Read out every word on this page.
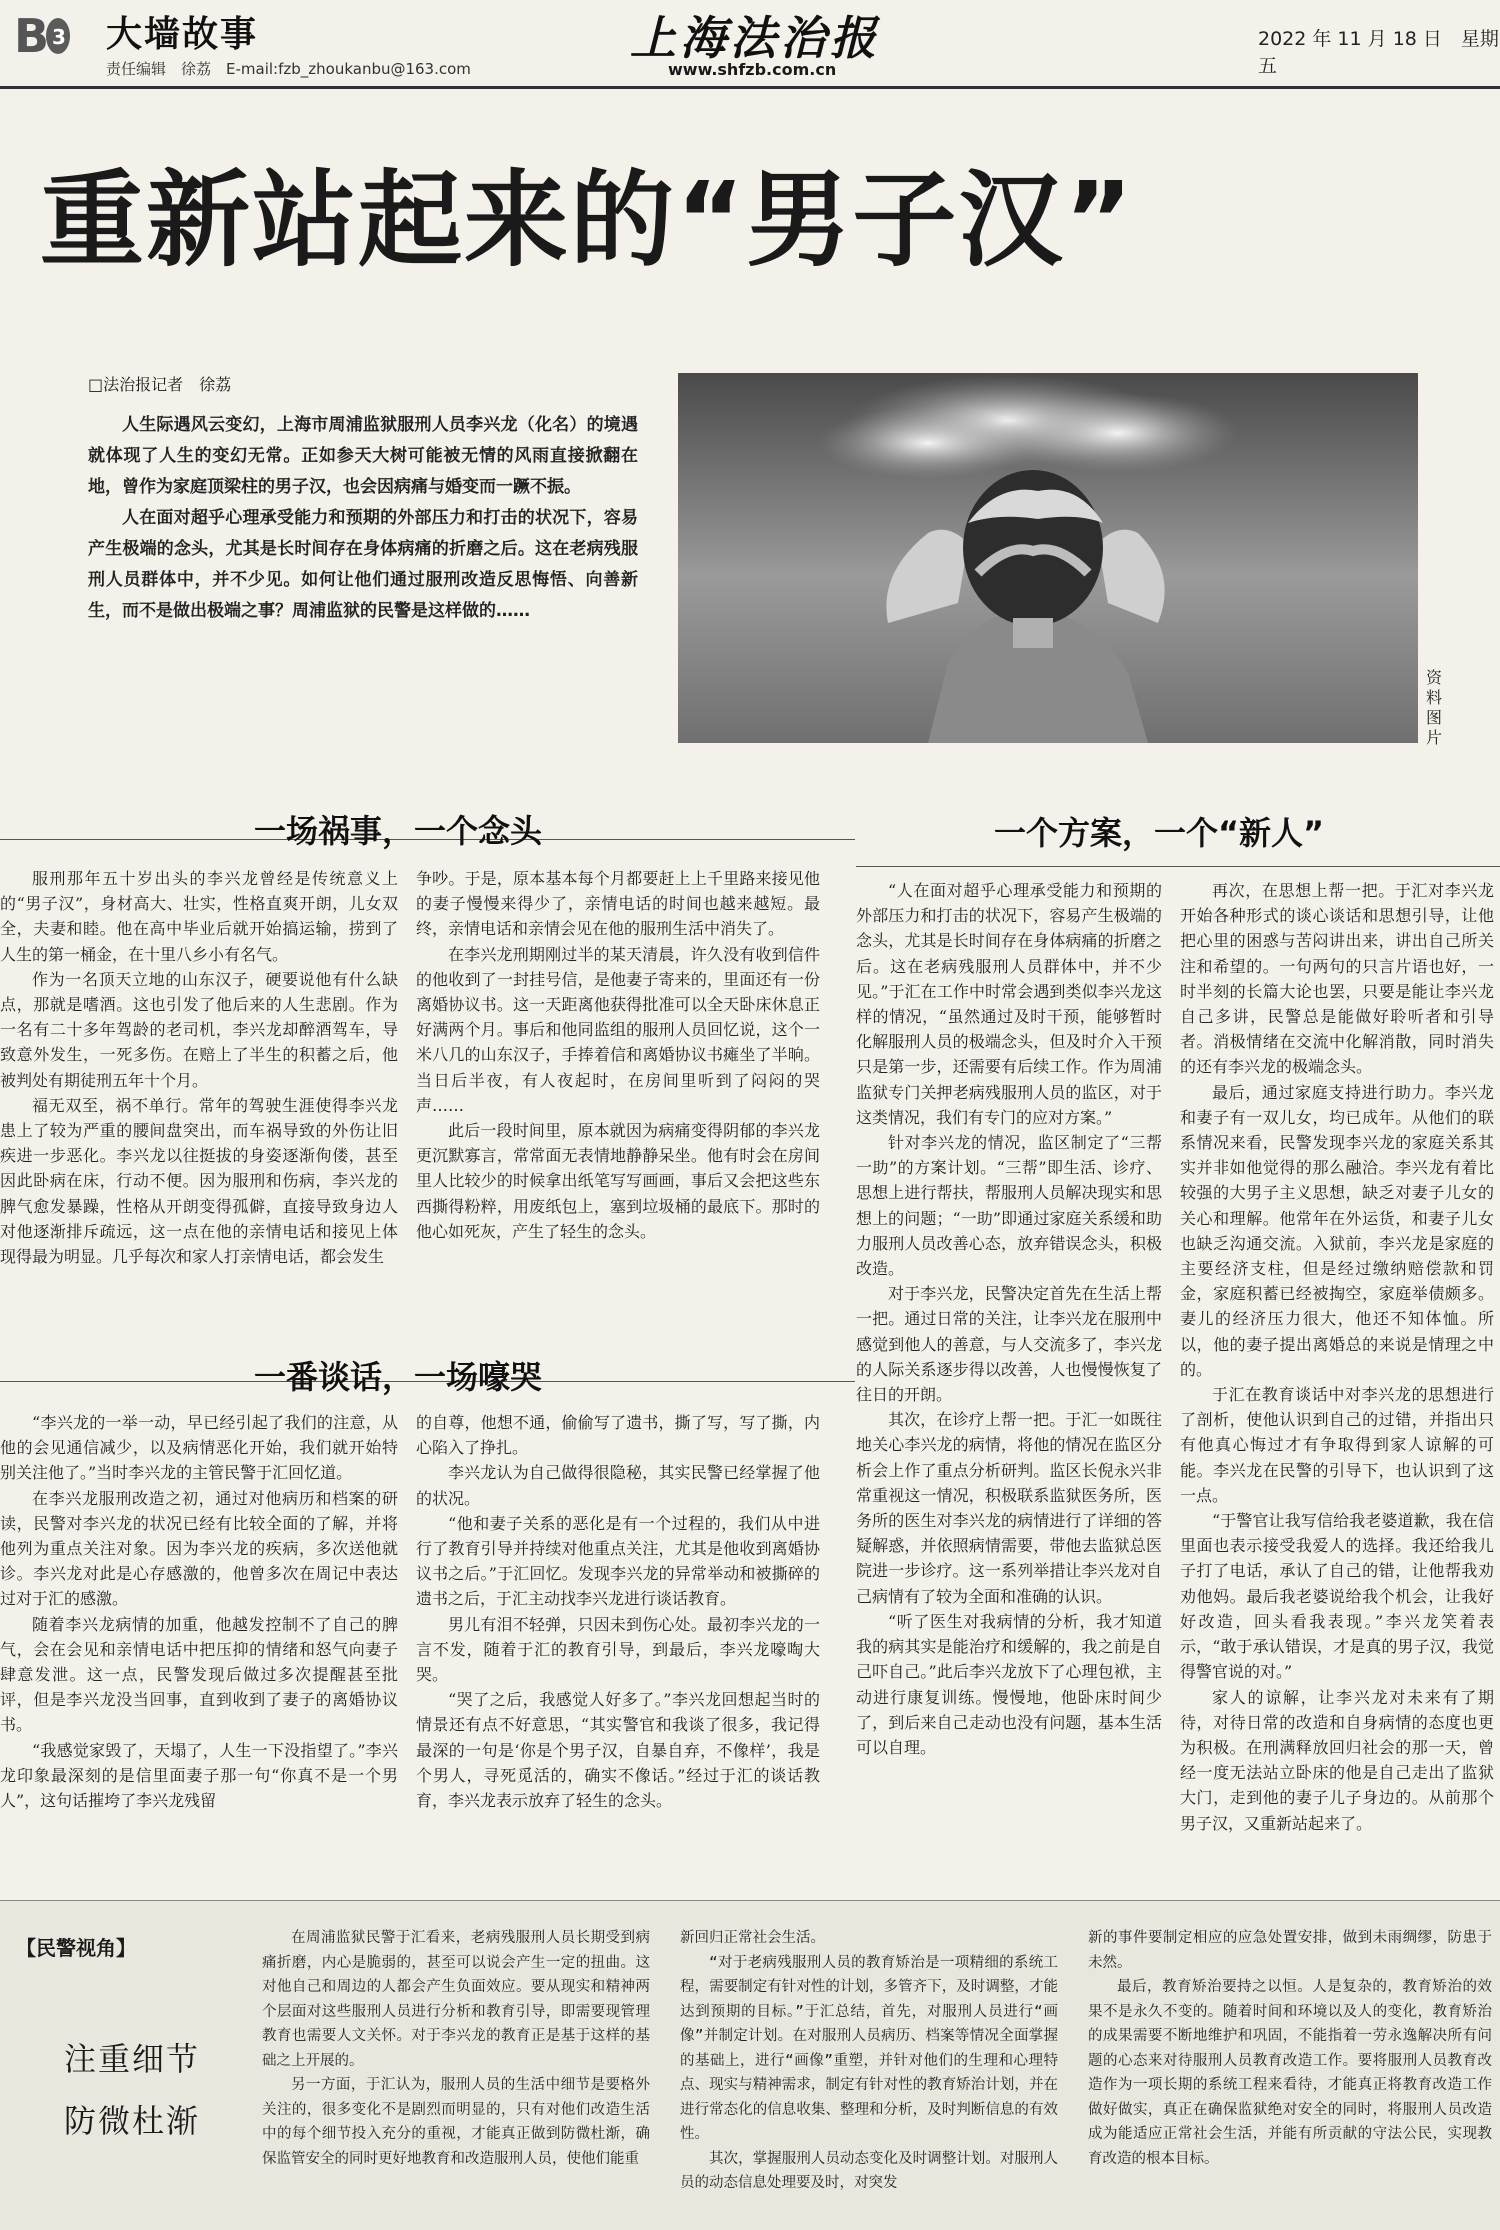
B 3 大墙故事
责任编辑　徐荔　E-mail:fzb_zhoukanbu@163.com
上海法治报
www.shfzb.com.cn
2022 年 11 月 18 日　星期五
重新站起来的“男子汉”
□法治报记者　徐荔

人生际遇风云变幻，上海市周浦监狱服刑人员李兴龙（化名）的境遇就体现了人生的变幻无常。正如参天大树可能被无情的风雨直接掀翻在地，曾作为家庭顶梁柱的男子汉，也会因病痛与婚变而一蹶不振。

人在面对超乎心理承受能力和预期的外部压力和打击的状况下，容易产生极端的念头，尤其是长时间存在身体病痛的折磨之后。这在老病残服刑人员群体中，并不少见。如何让他们通过服刑改造反思悔悟、向善新生，而不是做出极端之事？周浦监狱的民警是这样做的……

资料图片
一场祸事，一个念头

服刑那年五十岁出头的李兴龙曾经是传统意义上的“男子汉”，身材高大、壮实，性格直爽开朗，儿女双全，夫妻和睦。他在高中毕业后就开始搞运输，捞到了人生的第一桶金，在十里八乡小有名气。

作为一名顶天立地的山东汉子，硬要说他有什么缺点，那就是嗜酒。这也引发了他后来的人生悲剧。作为一名有二十多年驾龄的老司机，李兴龙却醉酒驾车，导致意外发生，一死多伤。在赔上了半生的积蓄之后，他被判处有期徒刑五年十个月。

福无双至，祸不单行。常年的驾驶生涯使得李兴龙患上了较为严重的腰间盘突出，而车祸导致的外伤让旧疾进一步恶化。李兴龙以往挺拔的身姿逐渐佝偻，甚至因此卧病在床，行动不便。因为服刑和伤病，李兴龙的脾气愈发暴躁，性格从开朗变得孤僻，直接导致身边人对他逐渐排斥疏远，这一点在他的亲情电话和接见上体现得最为明显。几乎每次和家人打亲情电话，都会发生

争吵。于是，原本基本每个月都要赶上上千里路来接见他的妻子慢慢来得少了，亲情电话的时间也越来越短。最终，亲情电话和亲情会见在他的服刑生活中消失了。

在李兴龙刑期刚过半的某天清晨，许久没有收到信件的他收到了一封挂号信，是他妻子寄来的，里面还有一份离婚协议书。这一天距离他获得批准可以全天卧床休息正好满两个月。事后和他同监组的服刑人员回忆说，这个一米八几的山东汉子，手捧着信和离婚协议书瘫坐了半晌。当日后半夜，有人夜起时，在房间里听到了闷闷的哭声……

此后一段时间里，原本就因为病痛变得阴郁的李兴龙更沉默寡言，常常面无表情地静静呆坐。他有时会在房间里人比较少的时候拿出纸笔写写画画，事后又会把这些东西撕得粉粹，用废纸包上，塞到垃圾桶的最底下。那时的他心如死灰，产生了轻生的念头。

一番谈话，一场嚎哭

“李兴龙的一举一动，早已经引起了我们的注意，从他的会见通信减少，以及病情恶化开始，我们就开始特别关注他了。”当时李兴龙的主管民警于汇回忆道。

在李兴龙服刑改造之初，通过对他病历和档案的研读，民警对李兴龙的状况已经有比较全面的了解，并将他列为重点关注对象。因为李兴龙的疾病，多次送他就诊。李兴龙对此是心存感激的，他曾多次在周记中表达过对于汇的感激。

随着李兴龙病情的加重，他越发控制不了自己的脾气，会在会见和亲情电话中把压抑的情绪和怒气向妻子肆意发泄。这一点，民警发现后做过多次提醒甚至批评，但是李兴龙没当回事，直到收到了妻子的离婚协议书。

“我感觉家毁了，天塌了，人生一下没指望了。”李兴龙印象最深刻的是信里面妻子那一句“你真不是一个男人”，这句话摧垮了李兴龙残留

的自尊，他想不通，偷偷写了遗书，撕了写，写了撕，内心陷入了挣扎。

李兴龙认为自己做得很隐秘，其实民警已经掌握了他的状况。

“他和妻子关系的恶化是有一个过程的，我们从中进行了教育引导并持续对他重点关注，尤其是他收到离婚协议书之后。”于汇回忆。发现李兴龙的异常举动和被撕碎的遗书之后，于汇主动找李兴龙进行谈话教育。

男儿有泪不轻弹，只因未到伤心处。最初李兴龙的一言不发，随着于汇的教育引导，到最后，李兴龙嚎啕大哭。

“哭了之后，我感觉人好多了。”李兴龙回想起当时的情景还有点不好意思，“其实警官和我谈了很多，我记得最深的一句是‘你是个男子汉，自暴自弃，不像样’，我是个男人，寻死觅活的，确实不像话。”经过于汇的谈话教育，李兴龙表示放弃了轻生的念头。

一个方案，一个“新人”

“人在面对超乎心理承受能力和预期的外部压力和打击的状况下，容易产生极端的念头，尤其是长时间存在身体病痛的折磨之后。这在老病残服刑人员群体中，并不少见。”于汇在工作中时常会遇到类似李兴龙这样的情况，“虽然通过及时干预，能够暂时化解服刑人员的极端念头，但及时介入干预只是第一步，还需要有后续工作。作为周浦监狱专门关押老病残服刑人员的监区，对于这类情况，我们有专门的应对方案。”

针对李兴龙的情况，监区制定了“三帮一助”的方案计划。“三帮”即生活、诊疗、思想上进行帮扶，帮服刑人员解决现实和思想上的问题；“一助”即通过家庭关系缓和助力服刑人员改善心态，放弃错误念头，积极改造。

对于李兴龙，民警决定首先在生活上帮一把。通过日常的关注，让李兴龙在服刑中感觉到他人的善意，与人交流多了，李兴龙的人际关系逐步得以改善，人也慢慢恢复了往日的开朗。

其次，在诊疗上帮一把。于汇一如既往地关心李兴龙的病情，将他的情况在监区分析会上作了重点分析研判。监区长倪永兴非常重视这一情况，积极联系监狱医务所，医务所的医生对李兴龙的病情进行了详细的答疑解惑，并依照病情需要，带他去监狱总医院进一步诊疗。这一系列举措让李兴龙对自己病情有了较为全面和准确的认识。

“听了医生对我病情的分析，我才知道我的病其实是能治疗和缓解的，我之前是自己吓自己。”此后李兴龙放下了心理包袱，主动进行康复训练。慢慢地，他卧床时间少了，到后来自己走动也没有问题，基本生活可以自理。

再次，在思想上帮一把。于汇对李兴龙开始各种形式的谈心谈话和思想引导，让他把心里的困惑与苦闷讲出来，讲出自己所关注和希望的。一句两句的只言片语也好，一时半刻的长篇大论也罢，只要是能让李兴龙自己多讲，民警总是能做好聆听者和引导者。消极情绪在交流中化解消散，同时消失的还有李兴龙的极端念头。

最后，通过家庭支持进行助力。李兴龙和妻子有一双儿女，均已成年。从他们的联系情况来看，民警发现李兴龙的家庭关系其实并非如他觉得的那么融洽。李兴龙有着比较强的大男子主义思想，缺乏对妻子儿女的关心和理解。他常年在外运货，和妻子儿女也缺乏沟通交流。入狱前，李兴龙是家庭的主要经济支柱，但是经过缴纳赔偿款和罚金，家庭积蓄已经被掏空，家庭举债颇多。妻儿的经济压力很大，他还不知体恤。所以，他的妻子提出离婚总的来说是情理之中的。

于汇在教育谈话中对李兴龙的思想进行了剖析，使他认识到自己的过错，并指出只有他真心悔过才有争取得到家人谅解的可能。李兴龙在民警的引导下，也认识到了这一点。

“于警官让我写信给我老婆道歉，我在信里面也表示接受我爱人的选择。我还给我儿子打了电话，承认了自己的错，让他帮我劝劝他妈。最后我老婆说给我个机会，让我好好改造，回头看我表现。”李兴龙笑着表示，“敢于承认错误，才是真的男子汉，我觉得警官说的对。”

家人的谅解，让李兴龙对未来有了期待，对待日常的改造和自身病情的态度也更为积极。在刑满释放回归社会的那一天，曾经一度无法站立卧床的他是自己走出了监狱大门，走到他的妻子儿子身边的。从前那个男子汉，又重新站起来了。

【民警视角】
注重细节
防微杜渐

在周浦监狱民警于汇看来，老病残服刑人员长期受到病痛折磨，内心是脆弱的，甚至可以说会产生一定的扭曲。这对他自己和周边的人都会产生负面效应。要从现实和精神两个层面对这些服刑人员进行分析和教育引导，即需要现管理教育也需要人文关怀。对于李兴龙的教育正是基于这样的基础之上开展的。

另一方面，于汇认为，服刑人员的生活中细节是要格外关注的，很多变化不是剧烈而明显的，只有对他们改造生活中的每个细节投入充分的重视，才能真正做到防微杜渐，确保监管安全的同时更好地教育和改造服刑人员，使他们能重

新回归正常社会生活。

“对于老病残服刑人员的教育矫治是一项精细的系统工程，需要制定有针对性的计划，多管齐下，及时调整，才能达到预期的目标。”于汇总结，首先，对服刑人员进行“画像”并制定计划。在对服刑人员病历、档案等情况全面掌握的基础上，进行“画像”重塑，并针对他们的生理和心理特点、现实与精神需求，制定有针对性的教育矫治计划，并在进行常态化的信息收集、整理和分析，及时判断信息的有效性。

其次，掌握服刑人员动态变化及时调整计划。对服刑人员的动态信息处理要及时，对突发

新的事件要制定相应的应急处置安排，做到未雨绸缪，防患于未然。

最后，教育矫治要持之以恒。人是复杂的，教育矫治的效果不是永久不变的。随着时间和环境以及人的变化，教育矫治的成果需要不断地维护和巩固，不能指着一劳永逸解决所有问题的心态来对待服刑人员教育改造工作。要将服刑人员教育改造作为一项长期的系统工程来看待，才能真正将教育改造工作做好做实，真正在确保监狱绝对安全的同时，将服刑人员改造成为能适应正常社会生活，并能有所贡献的守法公民，实现教育改造的根本目标。
